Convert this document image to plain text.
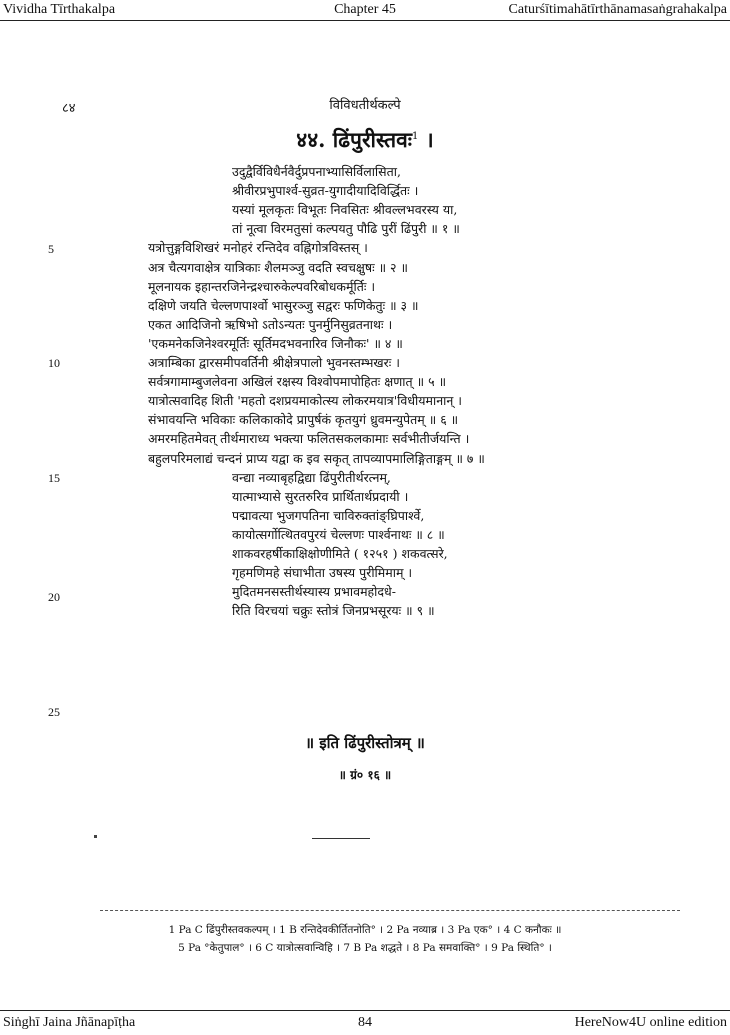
Chapter 45
Vividha Tīrthakalpa	Caturśītimahātīrthānamasaṅgrahakalpa
८४	विविधतीर्थकल्पे
४४. ढिंपुरीस्तवः$^1$ ।
उदुद्वैर्विविधैर्नवैर्दुप्रपनाभ्यासिर्विलासिता,
श्रीवीरप्रभुपार्श्व-सुव्रत-युगादीयादिविर्द्धितः ।
यस्यां मूलकृतः विभूतः निवसितः श्रीवल्लभवरस्य या,
तां नूत्वा विरमतुसां कल्पयतु पौढि पुरीं ढिंपुरी ॥ १ ॥
यत्रोत्तुङ्गविशिखरं मनोहरं रन्तिदेव वह्निगोत्रविस्तस् ।
अत्र चैत्यगवाक्षेत्र यात्रिकाः शैलमञ्जु वदति स्वचक्षुषः ॥ २ ॥
मूलनायक इहान्तरजिनेन्द्रश्चारुकेल्पवरिबोधकर्मूर्तिः ।
दक्षिणे जयति चेल्लणपार्श्वो भासुरञ्जु सद्वरः फणिकेतुः ॥ ३ ॥
एकत आदिजिनो ऋषिभो ऽतोऽन्यतः पुनर्मुनिसुव्रतनाथः ।
'एकमनेकजिनेश्वरमूर्तिः सूर्तिमदभवनारिव जिनौकः' ॥ ४ ॥
अत्राम्बिका द्वारसमीपवर्तिनी श्रीक्षेत्रपालो भुवनस्तम्भखरः ।
सर्वत्रगामाम्बुजलेवना अखिलं रक्षस्य विश्वोपमापोहितः क्षणात् ॥ ५ ॥
यात्रोत्सवादिह शिती 'महतो दशप्रयमाकोत्स्य लोकरमयात्र'विधीयमानान् ।
संभावयन्ति भविकाः कलिकाकोदे प्रापुर्षकं कृतयुगं ध्रुवमन्युपेतम् ॥ ६ ॥
अमरमहितमेवत् तीर्थमाराध्य भक्त्या फलितसकलकामाः सर्वभीतीर्जयन्ति ।
बहुलपरिमलाद्यं चन्दनं प्राप्य यद्वा क इव सकृत् तापव्यापमालिङ्गिताङ्गम् ॥ ७ ॥
वन्द्या नव्याबृहद्विद्या ढिंपुरीतीर्थरत्नम्,
यात्माभ्यासे सुरतरुरिव प्रार्थितार्थप्रदायी ।
पद्मावत्या भुजगपतिना चाविरुक्तांङ्घ्रिपार्श्वे,
कायोत्सर्गोत्थितवपुरयं चेल्लणः पार्श्वनाथः ॥ ८ ॥
शाकवरहर्षीकाक्षिक्षोणीमिते ( १२५१ ) शकवत्सरे,
गृहमणिमहे संघाभीता उषस्य पुरीमिमाम् ।
मुदितमनसस्तीर्थस्यास्य प्रभावमहोदधे-
रिति विरचयां चक्रुः स्तोत्रं जिनप्रभसूरयः ॥ ९ ॥
5
10
15
20
25
॥ इति ढिंपुरीस्तोत्रम् ॥
॥ ग्रं० १६ ॥
1 Pa C ढिंपुरीस्तवकल्पम् । 1 B रन्तिदेवकीर्तितनोति° । 2 Pa नव्याब्र । 3 Pa एक° । 4 C कनौकः ॥
5 Pa °केतुपाल° । 6 C यात्रोत्सवान्विहि । 7 B Pa शद्धते । 8 Pa समवाक्ति° । 9 Pa स्थिति° ।
84
Siṅghī Jaina Jñānapīṭha	HereNow4U online edition
